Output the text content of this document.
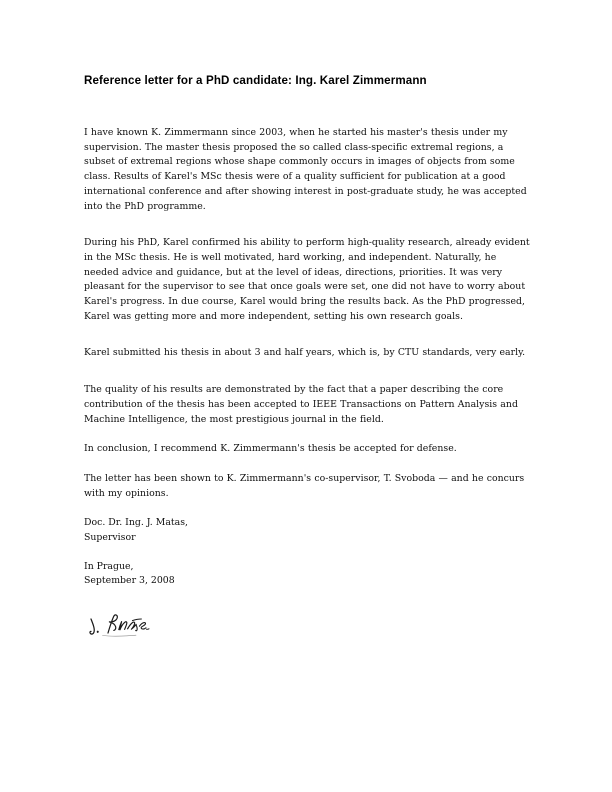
Reference letter for a PhD candidate: Ing. Karel Zimmermann

I have known K. Zimmermann since 2003, when he started his master's thesis under my supervision. The master thesis proposed the so called class-specific extremal regions, a subset of extremal regions whose shape commonly occurs in images of objects from some class. Results of Karel's MSc thesis were of a quality sufficient for publication at a good international conference and after showing interest in post-graduate study, he was accepted into the PhD programme.

During his PhD, Karel confirmed his ability to perform high-quality research, already evident in the MSc thesis. He is well motivated, hard working, and independent. Naturally, he needed advice and guidance, but at the level of ideas, directions, priorities. It was very pleasant for the supervisor to see that once goals were set, one did not have to worry about Karel's progress. In due course, Karel would bring the results back. As the PhD progressed, Karel was getting more and more independent, setting his own research goals.

Karel submitted his thesis in about 3 and half years, which is, by CTU standards, very early.

The quality of his results are demonstrated by the fact that a paper describing the core contribution of the thesis has been accepted to IEEE Transactions on Pattern Analysis and Machine Intelligence, the most prestigious journal in the field.

In conclusion, I recommend K. Zimmermann's thesis be accepted for defense.

The letter has been shown to K. Zimmermann's co-supervisor, T. Svoboda — and he concurs with my opinions.

Doc. Dr. Ing. J. Matas,
Supervisor
In Prague,
September 3, 2008
